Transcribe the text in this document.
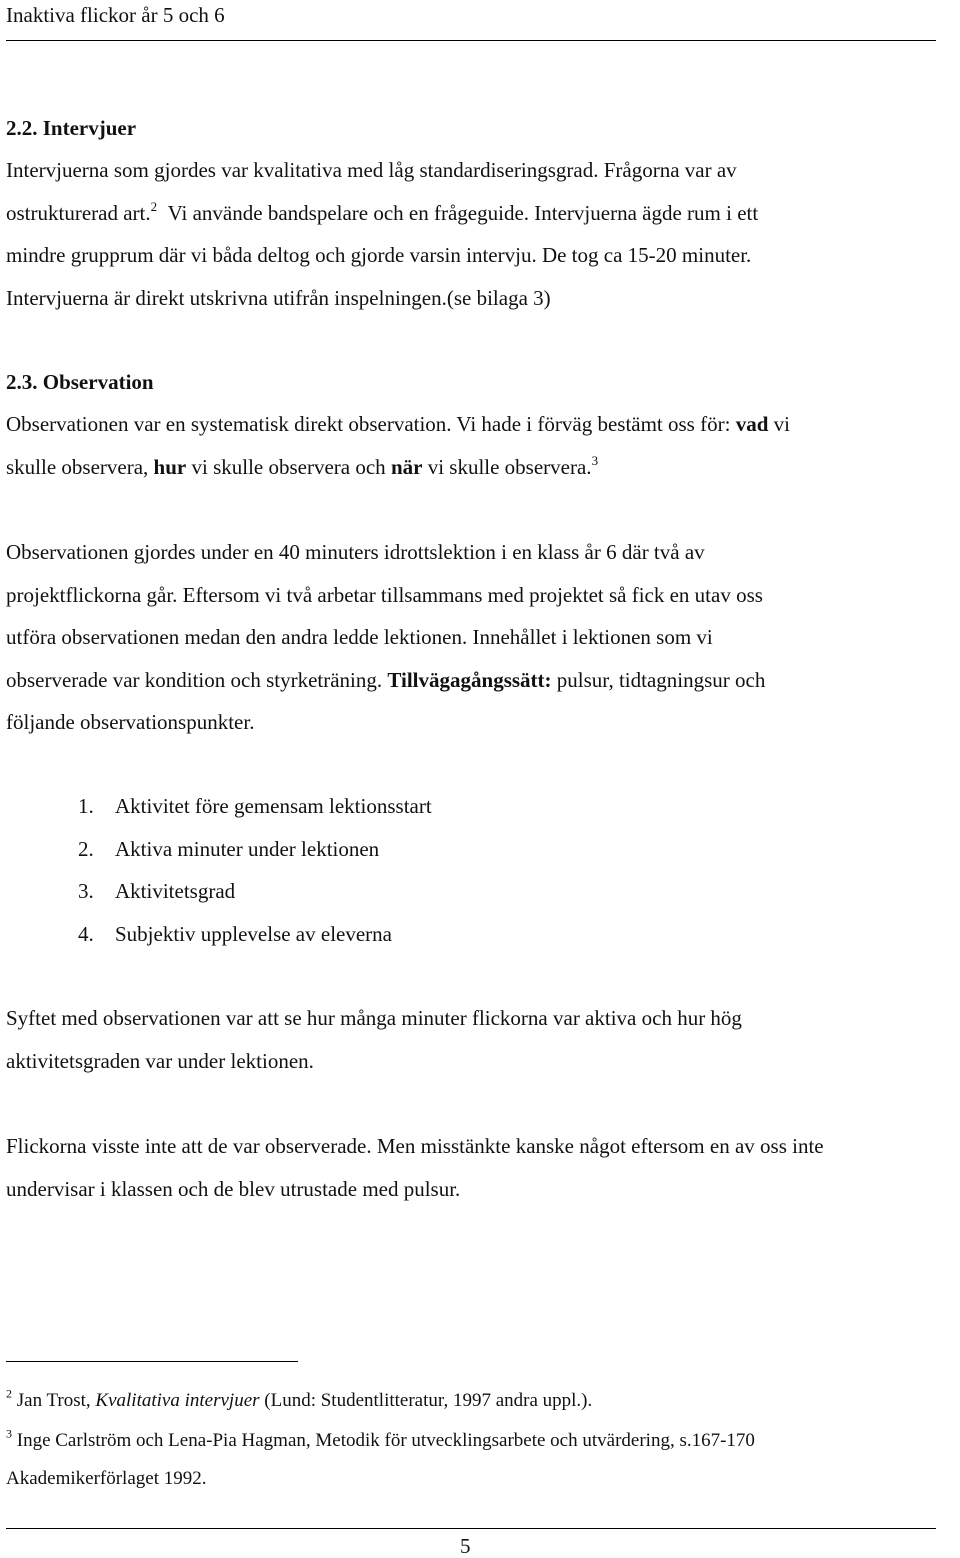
Inaktiva flickor år 5 och 6
2.2. Intervjuer
Intervjuerna som gjordes var kvalitativa med låg standardiseringsgrad. Frågorna var av
ostrukturerad art.$^2$ Vi använde bandspelare och en frågeguide. Intervjuerna ägde rum i ett
mindre grupprum där vi båda deltog och gjorde varsin intervju. De tog ca 15-20 minuter.
Intervjuerna är direkt utskrivna utifrån inspelningen.(se bilaga 3)
2.3. Observation
Observationen var en systematisk direkt observation. Vi hade i förväg bestämt oss för: vad vi
skulle observera, hur vi skulle observera och när vi skulle observera.$^3$
Observationen gjordes under en 40 minuters idrottslektion i en klass år 6 där två av
projektflickorna går. Eftersom vi två arbetar tillsammans med projektet så fick en utav oss
utföra observationen medan den andra ledde lektionen. Innehållet i lektionen som vi
observerade var kondition och styrketräning. Tillvägagångssätt: pulsur, tidtagningsur och
följande observationspunkter.
1. Aktivitet före gemensam lektionsstart
2. Aktiva minuter under lektionen
3. Aktivitetsgrad
4. Subjektiv upplevelse av eleverna
Syftet med observationen var att se hur många minuter flickorna var aktiva och hur hög
aktivitetsgraden var under lektionen.
Flickorna visste inte att de var observerade. Men misstänkte kanske något eftersom en av oss inte
undervisar i klassen och de blev utrustade med pulsur.
$^2$ Jan Trost, Kvalitativa intervjuer (Lund: Studentlitteratur, 1997 andra uppl.).
$^3$ Inge Carlström och Lena-Pia Hagman, Metodik för utvecklingsarbete och utvärdering, s.167-170
Akademikerförlaget 1992.
5
